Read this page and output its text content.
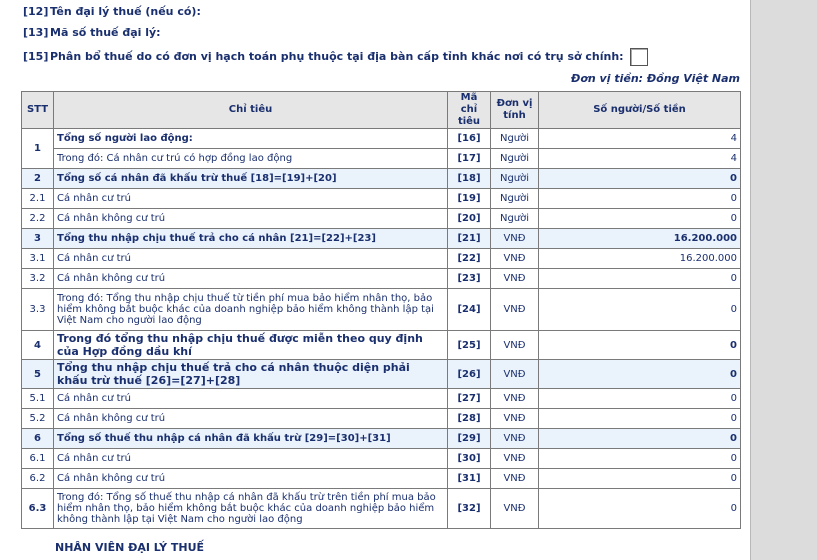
[12] Tên đại lý thuế (nếu có):
[13] Mã số thuế đại lý:
[15] Phân bổ thuế do có đơn vị hạch toán phụ thuộc tại địa bàn cấp tỉnh khác nơi có trụ sở chính:
Đơn vị tiền: Đồng Việt Nam
STT	Chỉ tiêu	Mã chỉ tiêu	Đơn vị tính	Số người/Số tiền
1	Tổng số người lao động:	[16]	Người	4
	Trong đó: Cá nhân cư trú có hợp đồng lao động	[17]	Người	4
2	Tổng số cá nhân đã khấu trừ thuế [18]=[19]+[20]	[18]	Người	0
2.1	Cá nhân cư trú	[19]	Người	0
2.2	Cá nhân không cư trú	[20]	Người	0
3	Tổng thu nhập chịu thuế trả cho cá nhân [21]=[22]+[23]	[21]	VNĐ	16.200.000
3.1	Cá nhân cư trú	[22]	VNĐ	16.200.000
3.2	Cá nhân không cư trú	[23]	VNĐ	0
3.3	Trong đó: Tổng thu nhập chịu thuế từ tiền phí mua bảo hiểm nhân thọ, bảo hiểm không bắt buộc khác của doanh nghiệp bảo hiểm không thành lập tại Việt Nam cho người lao động	[24]	VNĐ	0
4	Trong đó tổng thu nhập chịu thuế được miễn theo quy định của Hợp đồng dầu khí	[25]	VNĐ	0
5	Tổng thu nhập chịu thuế trả cho cá nhân thuộc diện phải khấu trừ thuế [26]=[27]+[28]	[26]	VNĐ	0
5.1	Cá nhân cư trú	[27]	VNĐ	0
5.2	Cá nhân không cư trú	[28]	VNĐ	0
6	Tổng số thuế thu nhập cá nhân đã khấu trừ [29]=[30]+[31]	[29]	VNĐ	0
6.1	Cá nhân cư trú	[30]	VNĐ	0
6.2	Cá nhân không cư trú	[31]	VNĐ	0
6.3	Trong đó: Tổng số thuế thu nhập cá nhân đã khấu trừ trên tiền phí mua bảo hiểm nhân thọ, bảo hiểm không bắt buộc khác của doanh nghiệp bảo hiểm không thành lập tại Việt Nam cho người lao động	[32]	VNĐ	0
NHÂN VIÊN ĐẠI LÝ THUẾ
